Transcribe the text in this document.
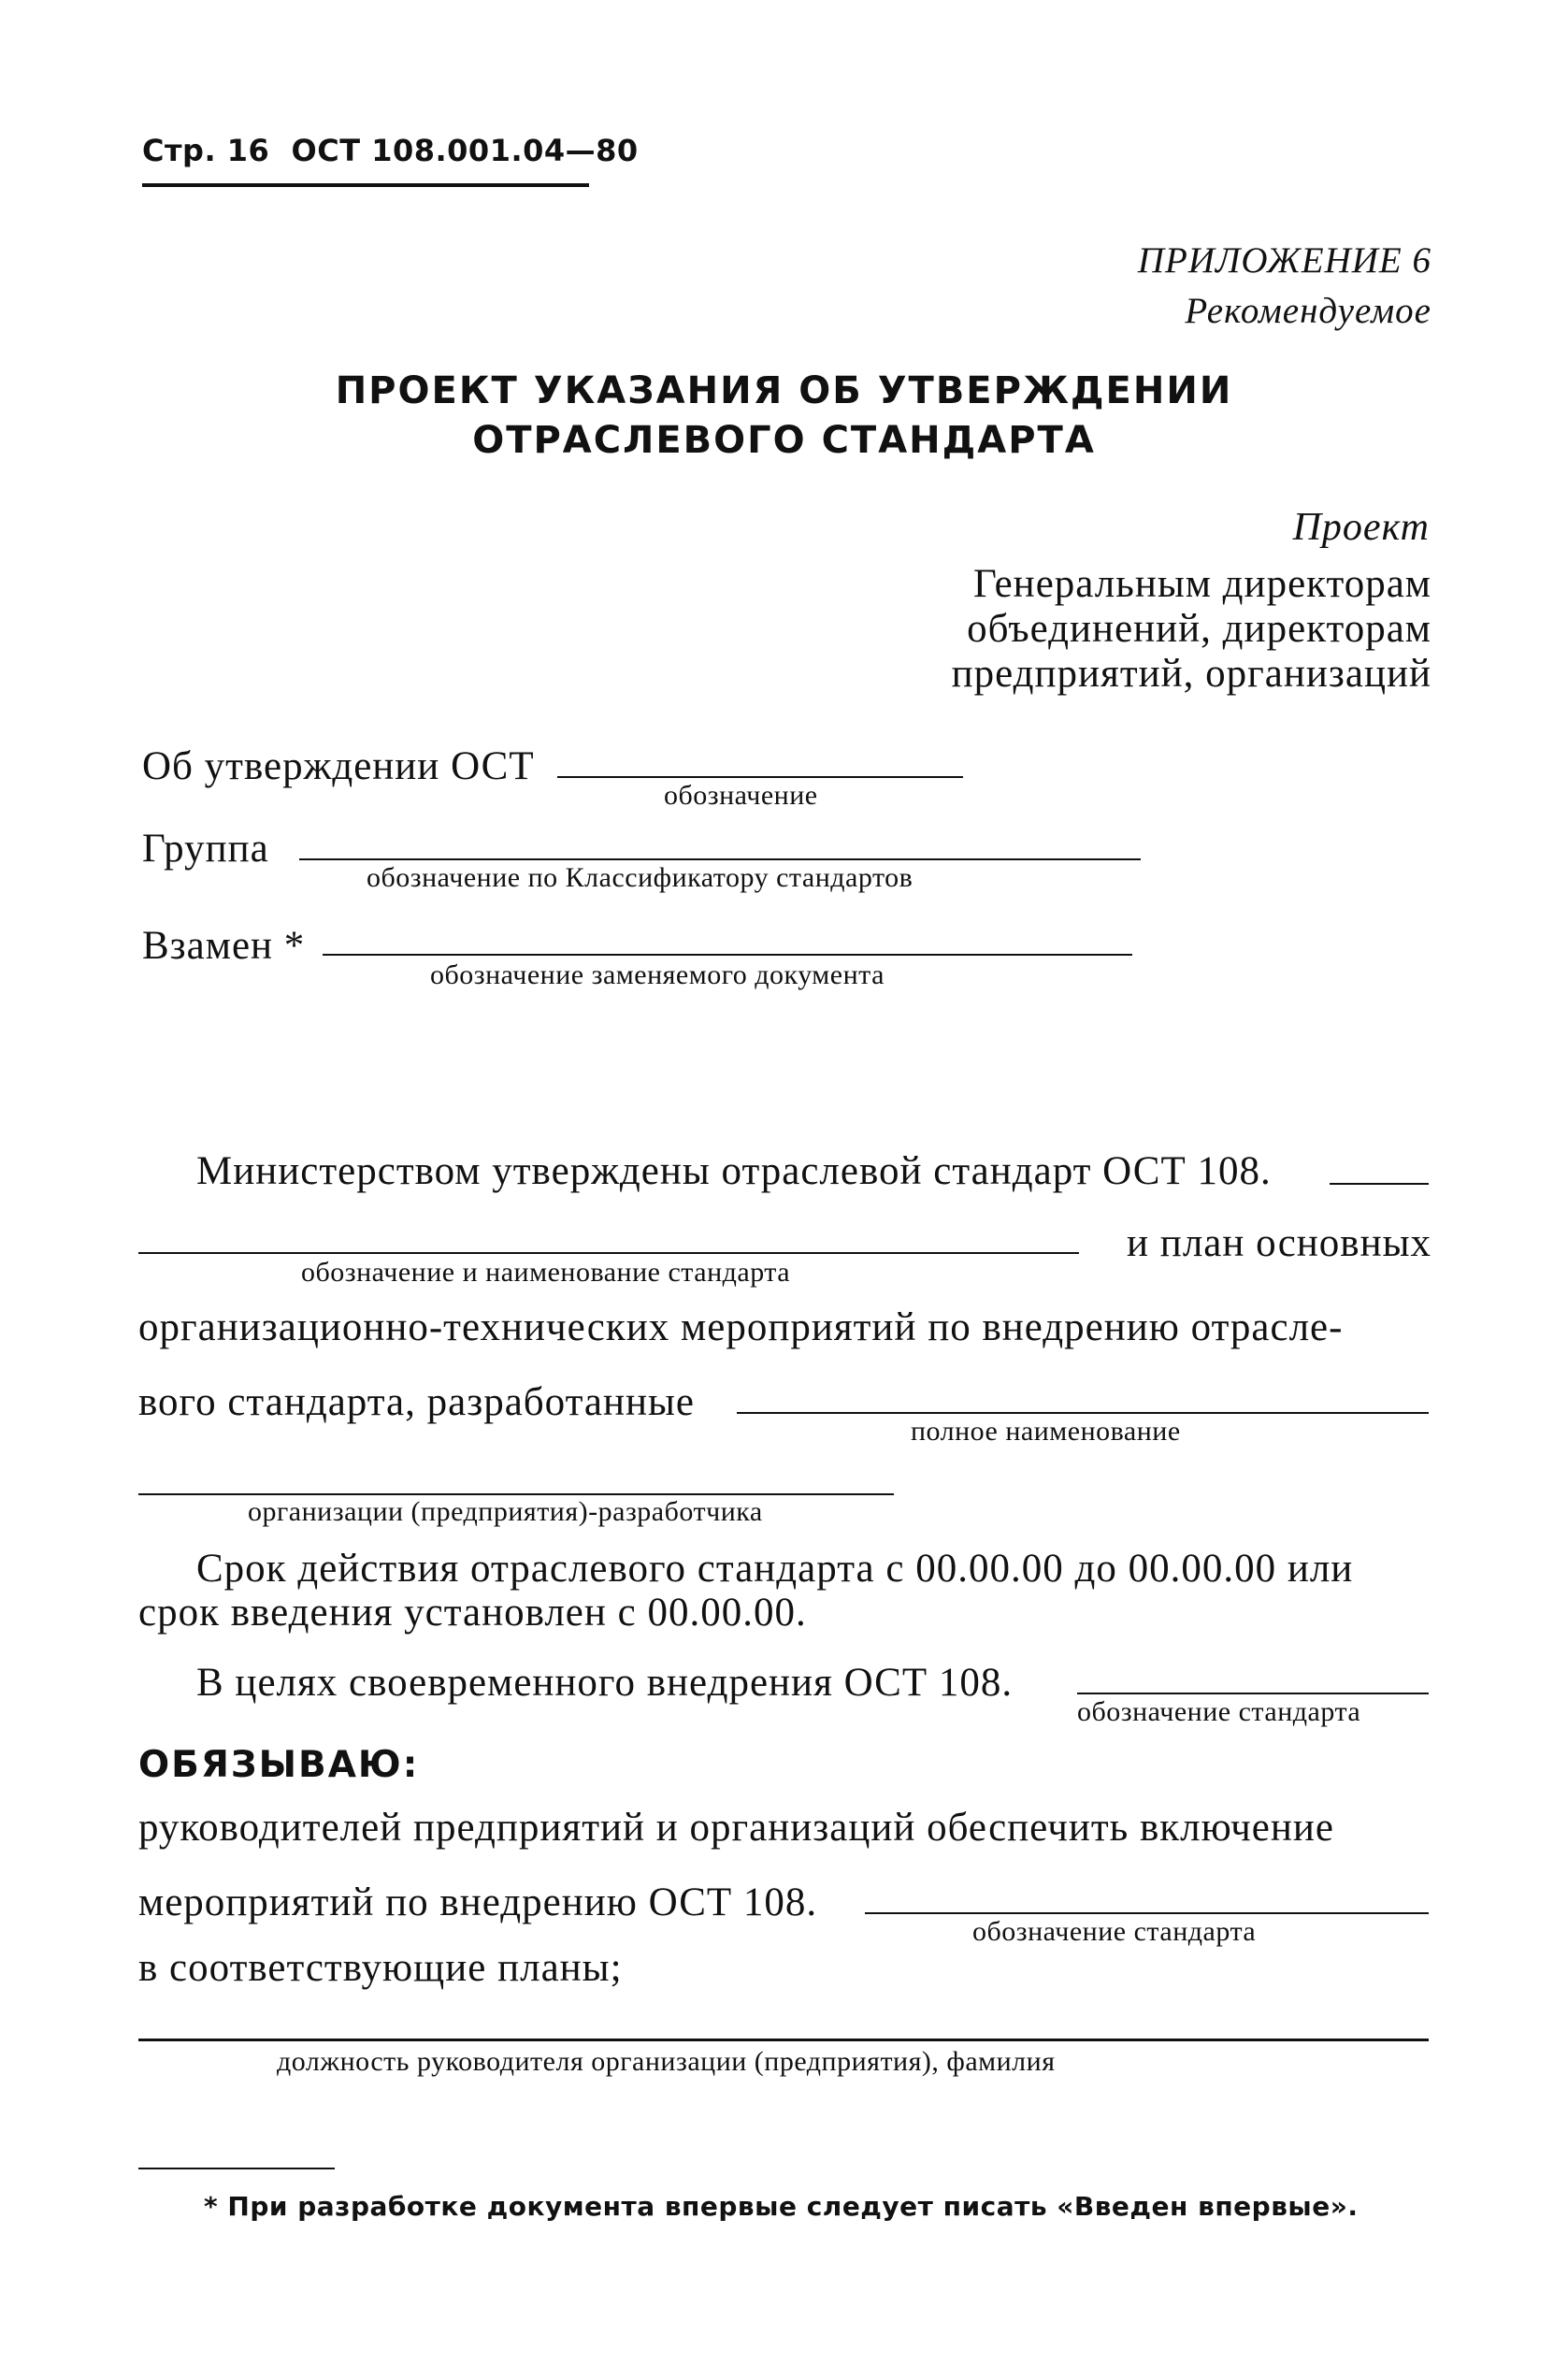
Стр. 16 ОСТ 108.001.04—80
ПРИЛОЖЕНИЕ 6
Рекомендуемое
ПРОЕКТ УКАЗАНИЯ ОБ УТВЕРЖДЕНИИ
ОТРАСЛЕВОГО СТАНДАРТА
Проект
Генеральным директорам
объединений, директорам
предприятий, организаций
Об утверждении ОСТ
обозначение
Группа
обозначение по Классификатору стандартов
Взамен *
обозначение заменяемого документа
Министерством утверждены отраслевой стандарт ОСТ 108.
и план основных
обозначение и наименование стандарта
организационно-технических мероприятий по внедрению отрасле-
вого стандарта, разработанные
полное наименование
организации (предприятия)-разработчика
Срок действия отраслевого стандарта с 00.00.00 до 00.00.00 или
срок введения установлен с 00.00.00.
В целях своевременного внедрения ОСТ 108.
обозначение стандарта
ОБЯЗЫВАЮ:
руководителей предприятий и организаций обеспечить включение
мероприятий по внедрению ОСТ 108.
обозначение стандарта
в соответствующие планы;
должность руководителя организации (предприятия), фамилия
* При разработке документа впервые следует писать «Введен впервые».
